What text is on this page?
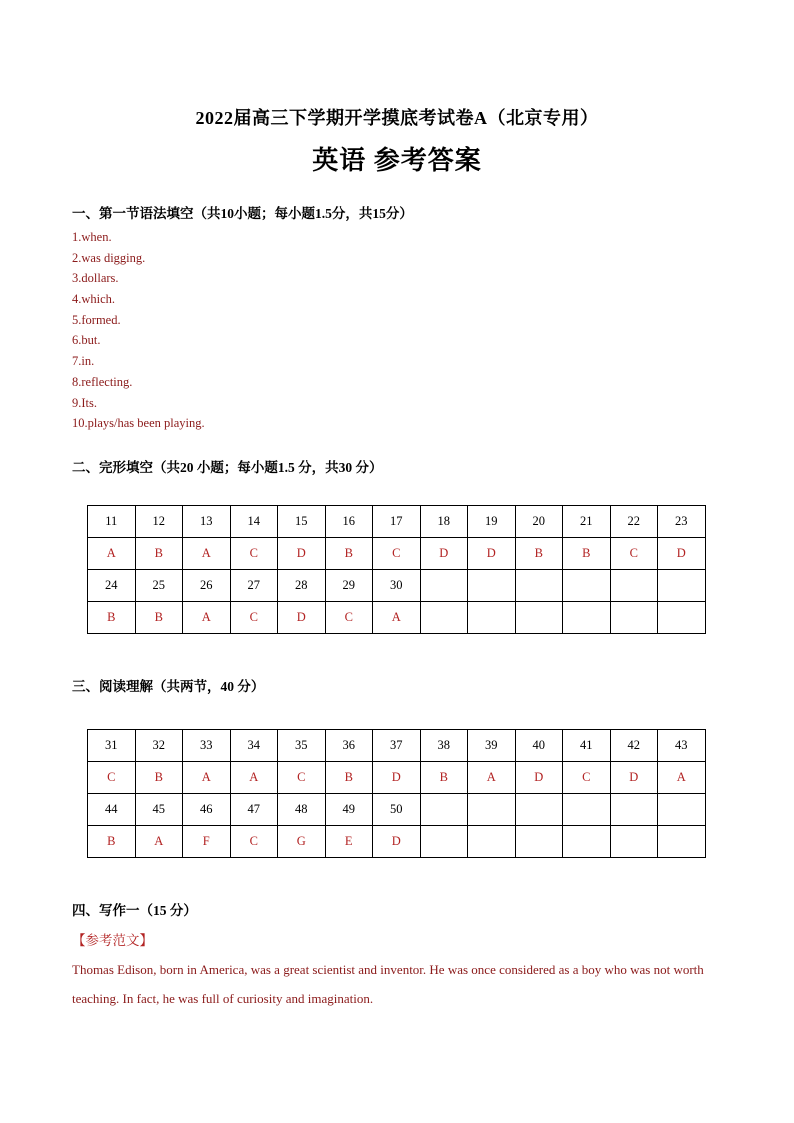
2022届高三下学期开学摸底考试卷A（北京专用）
英语 参考答案
一、第一节语法填空（共10小题；每小题1.5分，共15分）
1.when.
2.was digging.
3.dollars.
4.which.
5.formed.
6.but.
7.in.
8.reflecting.
9.Its.
10.plays/has been playing.
二、完形填空（共20 小题；每小题1.5 分，共30 分）
11	12	13	14	15	16	17	18	19	20	21	22	23
A	B	A	C	D	B	C	D	D	B	B	C	D
24	25	26	27	28	29	30						
B	B	A	C	D	C	A						
三、阅读理解（共两节，40 分）
31	32	33	34	35	36	37	38	39	40	41	42	43
C	B	A	A	C	B	D	B	A	D	C	D	A
44	45	46	47	48	49	50						
B	A	F	C	G	E	D						
四、写作一（15 分）
【参考范文】

Thomas Edison, born in America, was a great scientist and inventor. He was once considered as a boy who was not worth teaching. In fact, he was full of curiosity and imagination.
